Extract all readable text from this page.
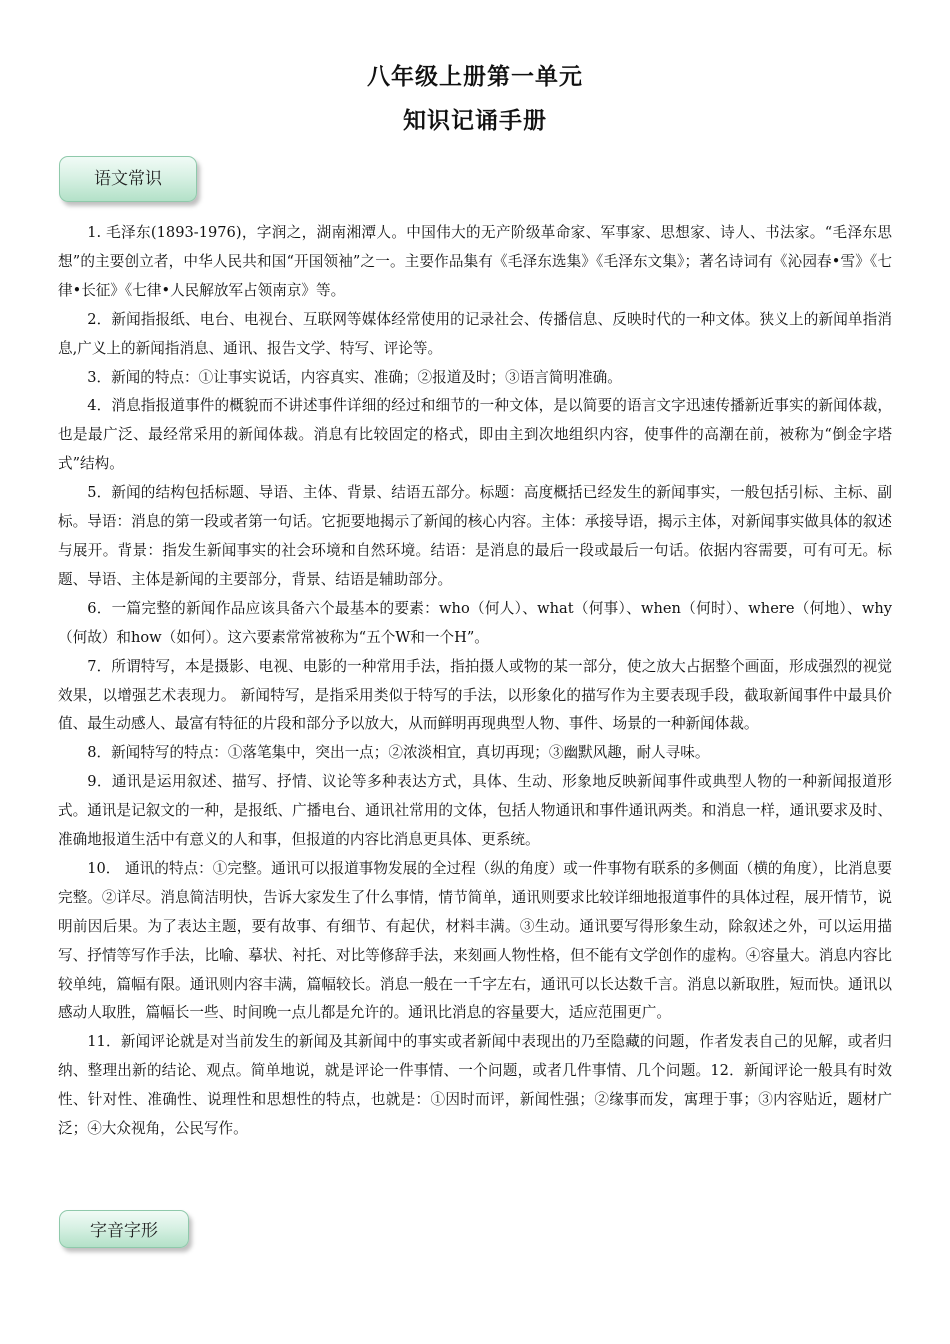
八年级上册第一单元
知识记诵手册
语文常识

1. 毛泽东(1893-1976)，字润之，湖南湘潭人。中国伟大的无产阶级革命家、军事家、思想家、诗人、书法家。“毛泽东思想”的主要创立者，中华人民共和国“开国领袖”之一。主要作品集有《毛泽东选集》《毛泽东文集》；著名诗词有《沁园春•雪》《七律•长征》《七律•人民解放军占领南京》等。

2．新闻指报纸、电台、电视台、互联网等媒体经常使用的记录社会、传播信息、反映时代的一种文体。狭义上的新闻单指消息,广义上的新闻指消息、通讯、报告文学、特写、评论等。

3．新闻的特点：①让事实说话，内容真实、准确；②报道及时；③语言简明准确。

4．消息指报道事件的概貌而不讲述事件详细的经过和细节的一种文体，是以简要的语言文字迅速传播新近事实的新闻体裁，也是最广泛、最经常采用的新闻体裁。消息有比较固定的格式，即由主到次地组织内容，使事件的高潮在前，被称为“倒金字塔式”结构。

5．新闻的结构包括标题、导语、主体、背景、结语五部分。标题：高度概括已经发生的新闻事实，一般包括引标、主标、副标。导语：消息的第一段或者第一句话。它扼要地揭示了新闻的核心内容。主体：承接导语，揭示主体，对新闻事实做具体的叙述与展开。背景：指发生新闻事实的社会环境和自然环境。结语：是消息的最后一段或最后一句话。依据内容需要，可有可无。标题、导语、主体是新闻的主要部分，背景、结语是辅助部分。

6．一篇完整的新闻作品应该具备六个最基本的要素：who（何人）、what（何事）、when（何时）、where（何地）、why（何故）和how（如何）。这六要素常常被称为“五个W和一个H”。

7．所谓特写，本是摄影、电视、电影的一种常用手法，指拍摄人或物的某一部分，使之放大占据整个画面，形成强烈的视觉效果，以增强艺术表现力。 新闻特写，是指采用类似于特写的手法，以形象化的描写作为主要表现手段，截取新闻事件中最具价值、最生动感人、最富有特征的片段和部分予以放大，从而鲜明再现典型人物、事件、场景的一种新闻体裁。

8．新闻特写的特点：①落笔集中，突出一点；②浓淡相宜，真切再现；③幽默风趣，耐人寻味。

9．通讯是运用叙述、描写、抒情、议论等多种表达方式，具体、生动、形象地反映新闻事件或典型人物的一种新闻报道形式。通讯是记叙文的一种，是报纸、广播电台、通讯社常用的文体，包括人物通讯和事件通讯两类。和消息一样，通讯要求及时、准确地报道生活中有意义的人和事，但报道的内容比消息更具体、更系统。

10． 通讯的特点：①完整。通讯可以报道事物发展的全过程（纵的角度）或一件事物有联系的多侧面（横的角度），比消息要完整。②详尽。消息简洁明快，告诉大家发生了什么事情，情节简单，通讯则要求比较详细地报道事件的具体过程，展开情节，说明前因后果。为了表达主题，要有故事、有细节、有起伏，材料丰满。③生动。通讯要写得形象生动，除叙述之外，可以运用描写、抒情等写作手法，比喻、摹状、衬托、对比等修辞手法，来刻画人物性格，但不能有文学创作的虚构。④容量大。消息内容比较单纯，篇幅有限。通讯则内容丰满，篇幅较长。消息一般在一千字左右，通讯可以长达数千言。消息以新取胜，短而快。通讯以感动人取胜，篇幅长一些、时间晚一点儿都是允许的。通讯比消息的容量要大，适应范围更广。

11．新闻评论就是对当前发生的新闻及其新闻中的事实或者新闻中表现出的乃至隐藏的问题，作者发表自己的见解，或者归纳、整理出新的结论、观点。简单地说，就是评论一件事情、一个问题，或者几件事情、几个问题。12．新闻评论一般具有时效性、针对性、准确性、说理性和思想性的特点，也就是：①因时而评，新闻性强；②缘事而发，寓理于事；③内容贴近，题材广泛；④大众视角，公民写作。

字音字形
